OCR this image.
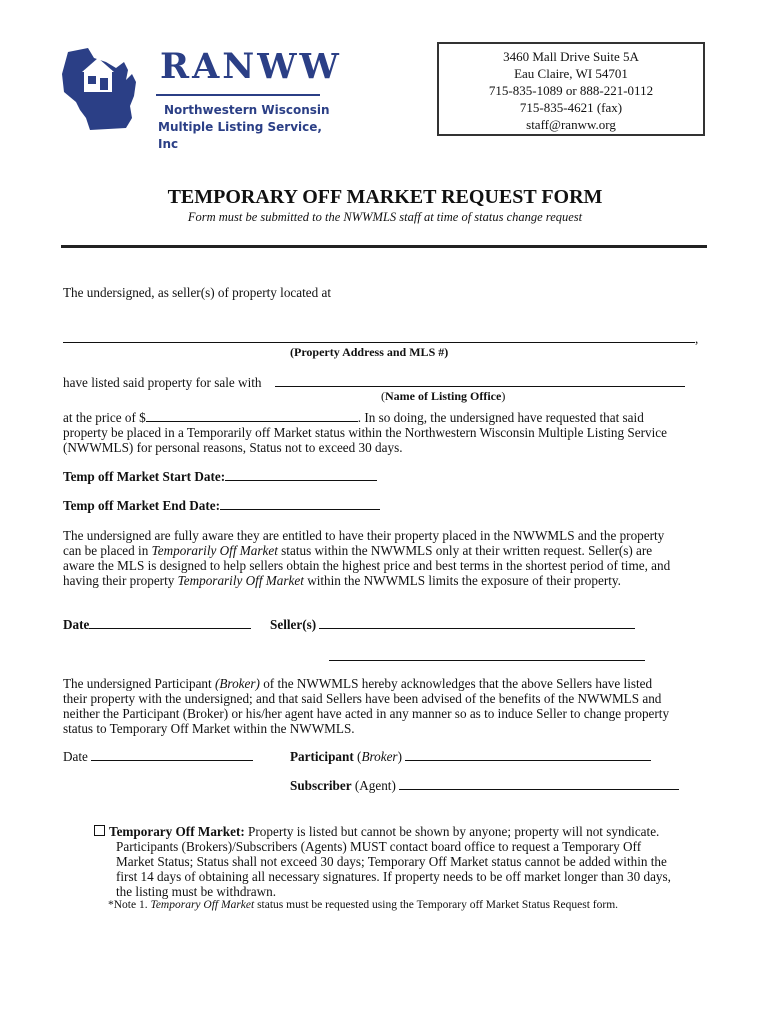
RANWW
Northwestern Wisconsin
Multiple Listing Service, Inc
3460 Mall Drive Suite 5A
Eau Claire, WI 54701
715-835-1089 or 888-221-0112
715-835-4621 (fax)
staff@ranww.org
TEMPORARY OFF MARKET REQUEST FORM
Form must be submitted to the NWWMLS staff at time of status change request
The undersigned, as seller(s) of property located at
,
(Property Address and MLS #)
have listed said property for sale with
(Name of Listing Office)
at the price of $	. In so doing, the undersigned have requested that said
property be placed in a Temporarily off Market status within the Northwestern Wisconsin Multiple Listing Service
(NWWMLS) for personal reasons, Status not to exceed 30 days.
Temp off Market Start Date:
Temp off Market End Date:
The undersigned are fully aware they are entitled to have their property placed in the NWWMLS and the property
can be placed in Temporarily Off Market status within the NWWMLS only at their written request. Seller(s) are
aware the MLS is designed to help sellers obtain the highest price and best terms in the shortest period of time, and
having their property Temporarily Off Market within the NWWMLS limits the exposure of their property.
Date	Seller(s)
The undersigned Participant (Broker) of the NWWMLS hereby acknowledges that the above Sellers have listed
their property with the undersigned; and that said Sellers have been advised of the benefits of the NWWMLS and
neither the Participant (Broker) or his/her agent have acted in any manner so as to induce Seller to change property
status to Temporary Off Market within the NWWMLS.
Date	Participant (Broker)
Subscriber (Agent)
Temporary Off Market: Property is listed but cannot be shown by anyone; property will not syndicate.
Participants (Brokers)/Subscribers (Agents) MUST contact board office to request a Temporary Off
Market Status; Status shall not exceed 30 days; Temporary Off Market status cannot be added within the
first 14 days of obtaining all necessary signatures. If property needs to be off market longer than 30 days,
the listing must be withdrawn.
*Note 1. Temporary Off Market status must be requested using the Temporary off Market Status Request form.
